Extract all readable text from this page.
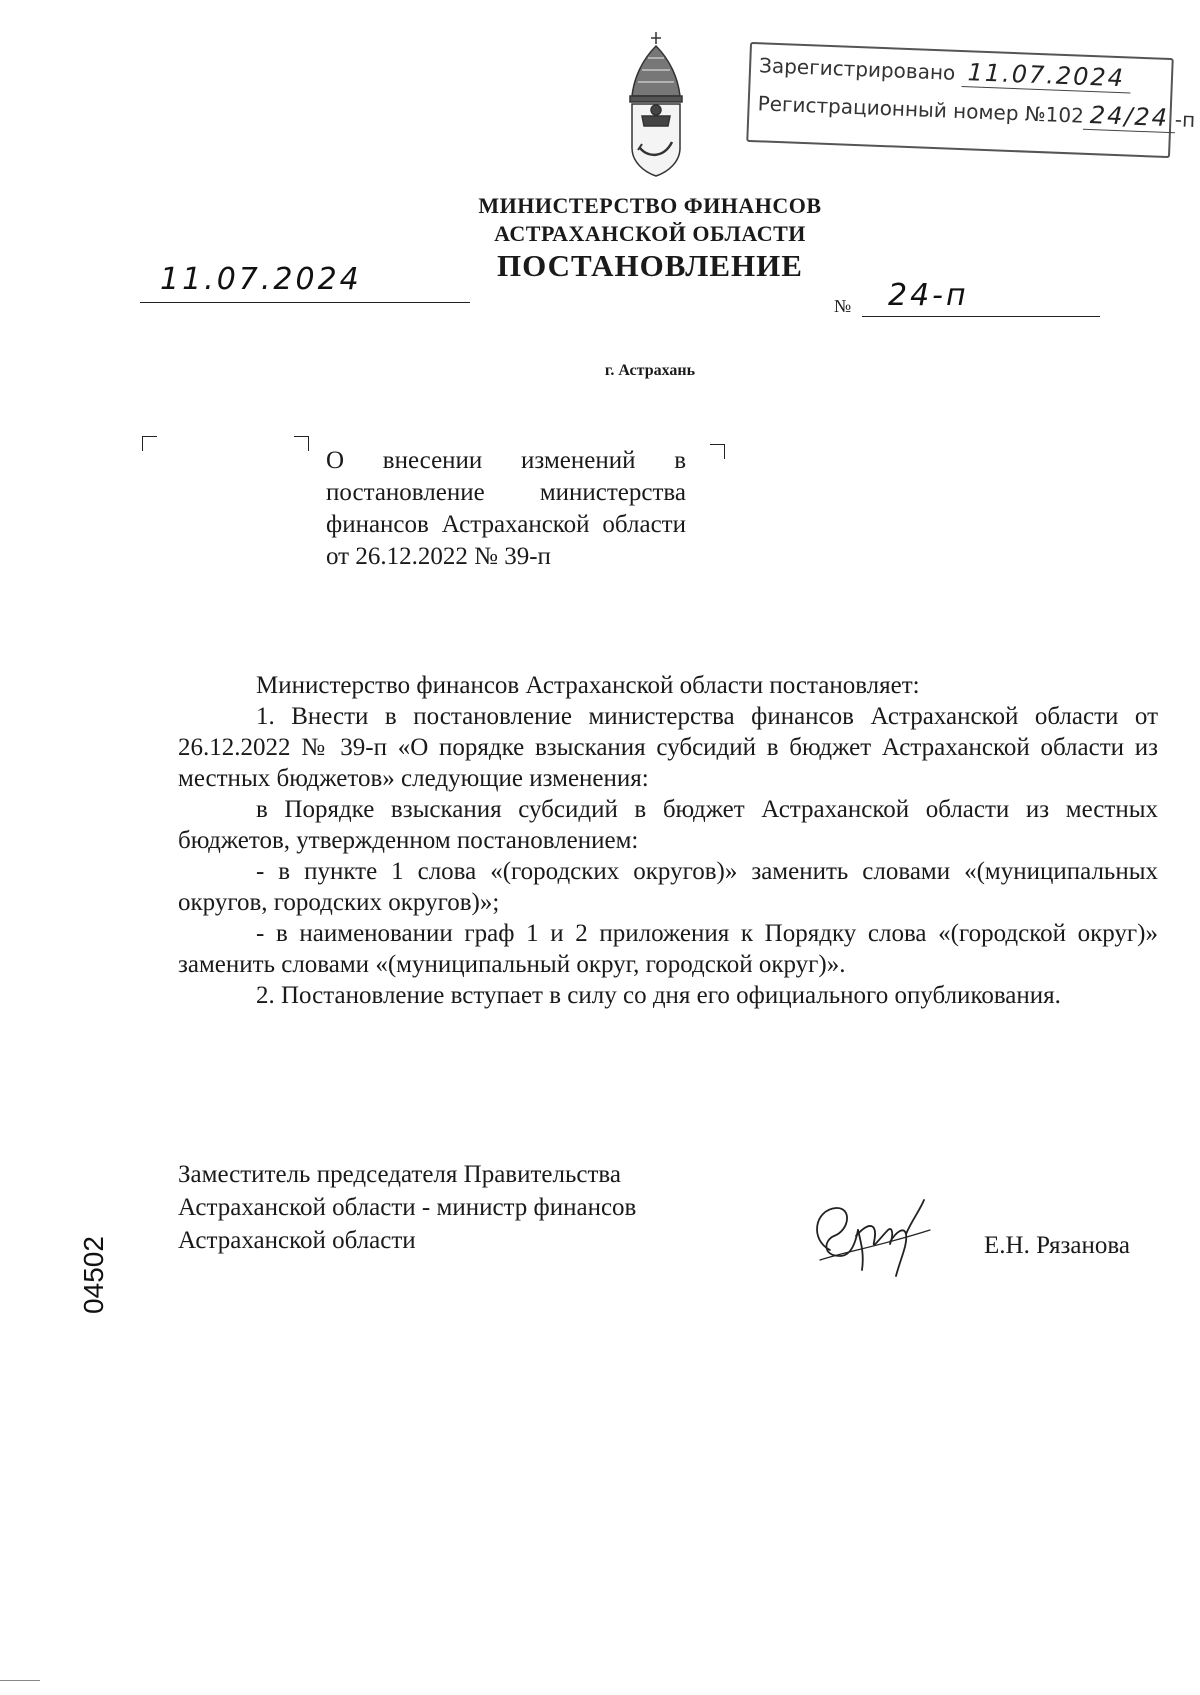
Зарегистрировано 11.07.2024
Регистрационный номер №102 24/24 -п
МИНИСТЕРСТВО ФИНАНСОВ
АСТРАХАНСКОЙ ОБЛАСТИ
ПОСТАНОВЛЕНИЕ
11.07.2024
№ 24-п
г. Астрахань
О внесении изменений в постановление министерства финансов Астраханской области от 26.12.2022 № 39-п

Министерство финансов Астраханской области постановляет:

1. Внести в постановление министерства финансов Астраханской области от 26.12.2022 № 39-п «О порядке взыскания субсидий в бюджет Астраханской области из местных бюджетов» следующие изменения:

в Порядке взыскания субсидий в бюджет Астраханской области из местных бюджетов, утвержденном постановлением:

- в пункте 1 слова «(городских округов)» заменить словами «(муниципальных округов, городских округов)»;

- в наименовании граф 1 и 2 приложения к Порядку слова «(городской округ)» заменить словами «(муниципальный округ, городской округ)».

2. Постановление вступает в силу со дня его официального опубликования.

Заместитель председателя Правительства
Астраханской области - министр финансов
Астраханской области	Е.Н. Рязанова
04502
